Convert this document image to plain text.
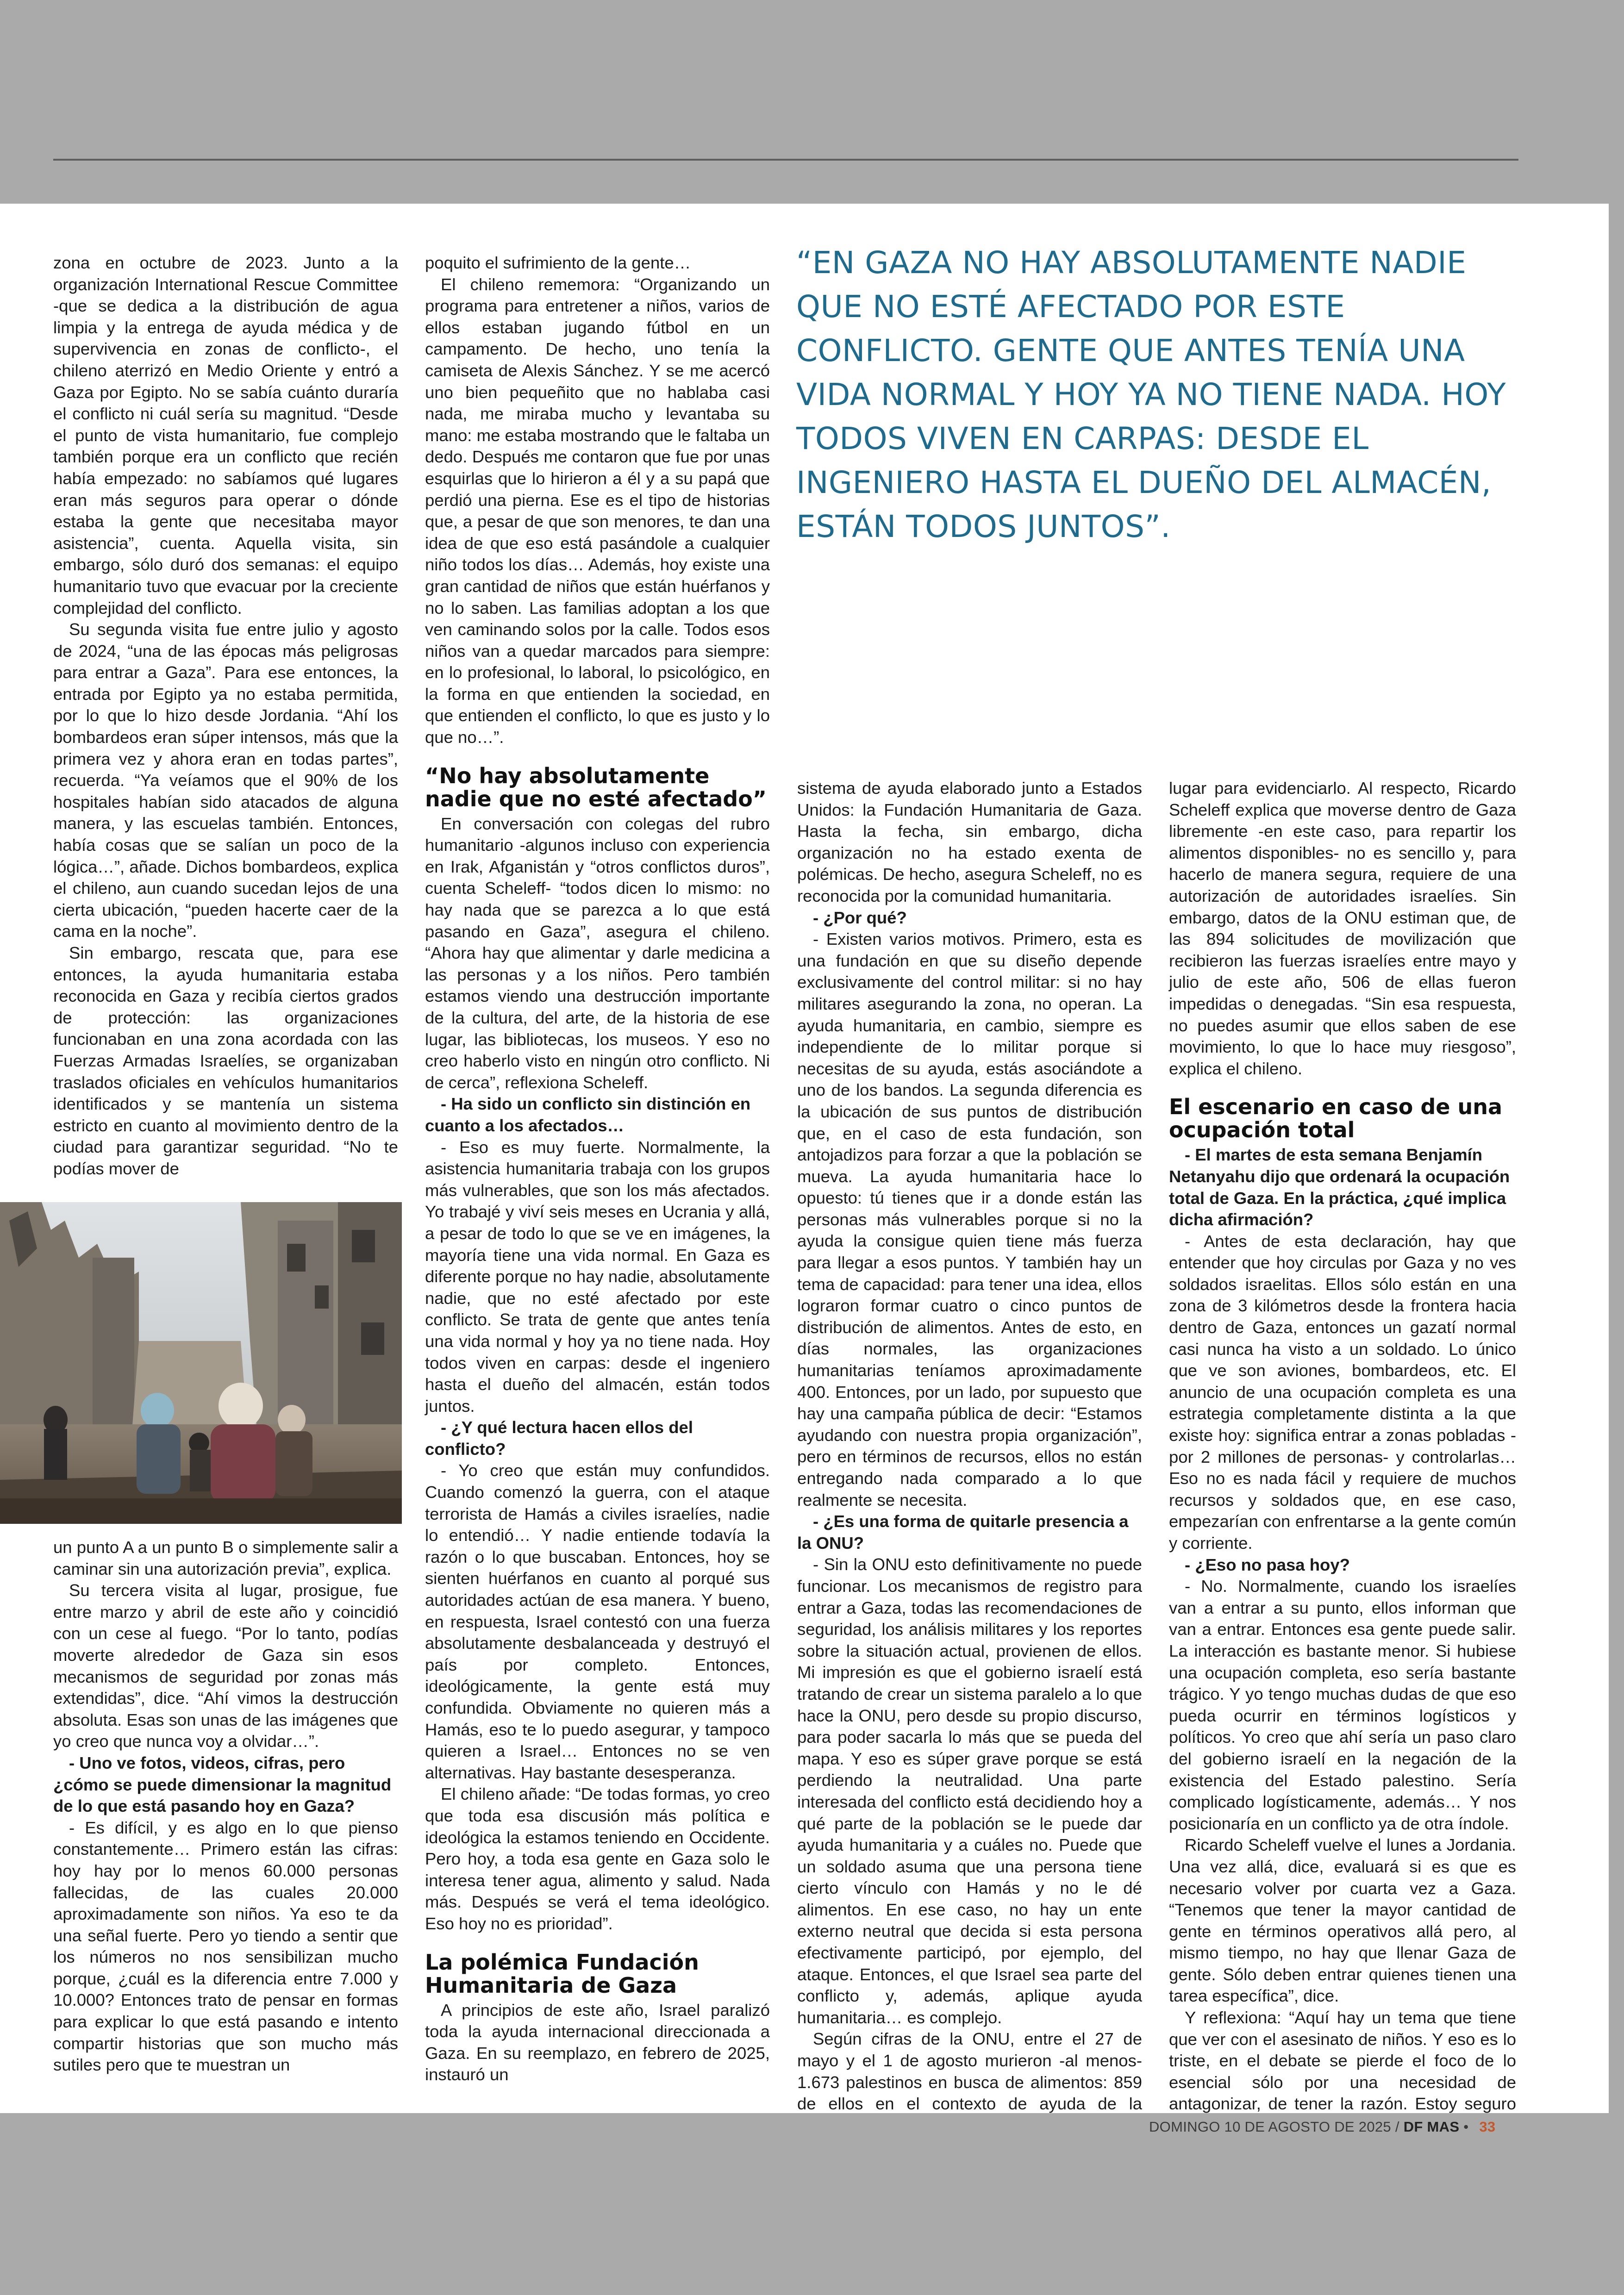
“EN GAZA NO HAY ABSOLUTAMENTE NADIE QUE NO ESTÉ AFECTADO POR ESTE CONFLICTO. GENTE QUE ANTES TENÍA UNA VIDA NORMAL Y HOY YA NO TIENE NADA. HOY TODOS VIVEN EN CARPAS: DESDE EL INGENIERO HASTA EL DUEÑO DEL ALMACÉN, ESTÁN TODOS JUNTOS”.

zona en octubre de 2023. Junto a la organización International Rescue Committee -que se dedica a la distribución de agua limpia y la entrega de ayuda médica y de supervivencia en zonas de conflicto-, el chileno aterrizó en Medio Oriente y entró a Gaza por Egipto. No se sabía cuánto duraría el conflicto ni cuál sería su magnitud. “Desde el punto de vista humanitario, fue complejo también porque era un conflicto que recién había empezado: no sabíamos qué lugares eran más seguros para operar o dónde estaba la gente que necesitaba mayor asistencia”, cuenta. Aquella visita, sin embargo, sólo duró dos semanas: el equipo humanitario tuvo que evacuar por la creciente complejidad del conflicto.

Su segunda visita fue entre julio y agosto de 2024, “una de las épocas más peligrosas para entrar a Gaza”. Para ese entonces, la entrada por Egipto ya no estaba permitida, por lo que lo hizo desde Jordania. “Ahí los bombardeos eran súper intensos, más que la primera vez y ahora eran en todas partes”, recuerda. “Ya veíamos que el 90% de los hospitales habían sido atacados de alguna manera, y las escuelas también. Entonces, había cosas que se salían un poco de la lógica…”, añade. Dichos bombardeos, explica el chileno, aun cuando sucedan lejos de una cierta ubicación, “pueden hacerte caer de la cama en la noche”.

Sin embargo, rescata que, para ese entonces, la ayuda humanitaria estaba reconocida en Gaza y recibía ciertos grados de protección: las organizaciones funcionaban en una zona acordada con las Fuerzas Armadas Israelíes, se organizaban traslados oficiales en vehículos humanitarios identificados y se mantenía un sistema estricto en cuanto al movimiento dentro de la ciudad para garantizar seguridad. “No te podías mover de

un punto A a un punto B o simplemente salir a caminar sin una autorización previa”, explica.

Su tercera visita al lugar, prosigue, fue entre marzo y abril de este año y coincidió con un cese al fuego. “Por lo tanto, podías moverte alrededor de Gaza sin esos mecanismos de seguridad por zonas más extendidas”, dice. “Ahí vimos la destrucción absoluta. Esas son unas de las imágenes que yo creo que nunca voy a olvidar…”.

- Uno ve fotos, videos, cifras, pero ¿cómo se puede dimensionar la magnitud de lo que está pasando hoy en Gaza?

- Es difícil, y es algo en lo que pienso constantemente… Primero están las cifras: hoy hay por lo menos 60.000 personas fallecidas, de las cuales 20.000 aproximadamente son niños. Ya eso te da una señal fuerte. Pero yo tiendo a sentir que los números no nos sensibilizan mucho porque, ¿cuál es la diferencia entre 7.000 y 10.000? Entonces trato de pensar en formas para explicar lo que está pasando e intento compartir historias que son mucho más sutiles pero que te muestran un

poquito el sufrimiento de la gente…

El chileno rememora: “Organizando un programa para entretener a niños, varios de ellos estaban jugando fútbol en un campamento. De hecho, uno tenía la camiseta de Alexis Sánchez. Y se me acercó uno bien pequeñito que no hablaba casi nada, me miraba mucho y levantaba su mano: me estaba mostrando que le faltaba un dedo. Después me contaron que fue por unas esquirlas que lo hirieron a él y a su papá que perdió una pierna. Ese es el tipo de historias que, a pesar de que son menores, te dan una idea de que eso está pasándole a cualquier niño todos los días… Además, hoy existe una gran cantidad de niños que están huérfanos y no lo saben. Las familias adoptan a los que ven caminando solos por la calle. Todos esos niños van a quedar marcados para siempre: en lo profesional, lo laboral, lo psicológico, en la forma en que entienden la sociedad, en que entienden el conflicto, lo que es justo y lo que no…”.

“No hay absolutamente nadie que no esté afectado”

En conversación con colegas del rubro humanitario -algunos incluso con experiencia en Irak, Afganistán y “otros conflictos duros”, cuenta Scheleff- “todos dicen lo mismo: no hay nada que se parezca a lo que está pasando en Gaza”, asegura el chileno. “Ahora hay que alimentar y darle medicina a las personas y a los niños. Pero también estamos viendo una destrucción importante de la cultura, del arte, de la historia de ese lugar, las bibliotecas, los museos. Y eso no creo haberlo visto en ningún otro conflicto. Ni de cerca”, reflexiona Scheleff.

- Ha sido un conflicto sin distinción en cuanto a los afectados…

- Eso es muy fuerte. Normalmente, la asistencia humanitaria trabaja con los grupos más vulnerables, que son los más afectados. Yo trabajé y viví seis meses en Ucrania y allá, a pesar de todo lo que se ve en imágenes, la mayoría tiene una vida normal. En Gaza es diferente porque no hay nadie, absolutamente nadie, que no esté afectado por este conflicto. Se trata de gente que antes tenía una vida normal y hoy ya no tiene nada. Hoy todos viven en carpas: desde el ingeniero hasta el dueño del almacén, están todos juntos.

- ¿Y qué lectura hacen ellos del conflicto?

- Yo creo que están muy confundidos. Cuando comenzó la guerra, con el ataque terrorista de Hamás a civiles israelíes, nadie lo entendió… Y nadie entiende todavía la razón o lo que buscaban. Entonces, hoy se sienten huérfanos en cuanto al porqué sus autoridades actúan de esa manera. Y bueno, en respuesta, Israel contestó con una fuerza absolutamente desbalanceada y destruyó el país por completo. Entonces, ideológicamente, la gente está muy confundida. Obviamente no quieren más a Hamás, eso te lo puedo asegurar, y tampoco quieren a Israel… Entonces no se ven alternativas. Hay bastante desesperanza.

El chileno añade: “De todas formas, yo creo que toda esa discusión más política e ideológica la estamos teniendo en Occidente. Pero hoy, a toda esa gente en Gaza solo le interesa tener agua, alimento y salud. Nada más. Después se verá el tema ideológico. Eso hoy no es prioridad”.

La polémica Fundación Humanitaria de Gaza

A principios de este año, Israel paralizó toda la ayuda internacional direccionada a Gaza. En su reemplazo, en febrero de 2025, instauró un

sistema de ayuda elaborado junto a Estados Unidos: la Fundación Humanitaria de Gaza. Hasta la fecha, sin embargo, dicha organización no ha estado exenta de polémicas. De hecho, asegura Scheleff, no es reconocida por la comunidad humanitaria.

- ¿Por qué?

- Existen varios motivos. Primero, esta es una fundación en que su diseño depende exclusivamente del control militar: si no hay militares asegurando la zona, no operan. La ayuda humanitaria, en cambio, siempre es independiente de lo militar porque si necesitas de su ayuda, estás asociándote a uno de los bandos. La segunda diferencia es la ubicación de sus puntos de distribución que, en el caso de esta fundación, son antojadizos para forzar a que la población se mueva. La ayuda humanitaria hace lo opuesto: tú tienes que ir a donde están las personas más vulnerables porque si no la ayuda la consigue quien tiene más fuerza para llegar a esos puntos. Y también hay un tema de capacidad: para tener una idea, ellos lograron formar cuatro o cinco puntos de distribución de alimentos. Antes de esto, en días normales, las organizaciones humanitarias teníamos aproximadamente 400. Entonces, por un lado, por supuesto que hay una campaña pública de decir: “Estamos ayudando con nuestra propia organización”, pero en términos de recursos, ellos no están entregando nada comparado a lo que realmente se necesita.

- ¿Es una forma de quitarle presencia a la ONU?

- Sin la ONU esto definitivamente no puede funcionar. Los mecanismos de registro para entrar a Gaza, todas las recomendaciones de seguridad, los análisis militares y los reportes sobre la situación actual, provienen de ellos. Mi impresión es que el gobierno israelí está tratando de crear un sistema paralelo a lo que hace la ONU, pero desde su propio discurso, para poder sacarla lo más que se pueda del mapa. Y eso es súper grave porque se está perdiendo la neutralidad. Una parte interesada del conflicto está decidiendo hoy a qué parte de la población se le puede dar ayuda humanitaria y a cuáles no. Puede que un soldado asuma que una persona tiene cierto vínculo con Hamás y no le dé alimentos. En ese caso, no hay un ente externo neutral que decida si esta persona efectivamente participó, por ejemplo, del ataque. Entonces, el que Israel sea parte del conflicto y, además, aplique ayuda humanitaria… es complejo.

Según cifras de la ONU, entre el 27 de mayo y el 1 de agosto murieron -al menos- 1.673 palestinos en busca de alimentos: 859 de ellos en el contexto de ayuda de la

lugar para evidenciarlo. Al respecto, Ricardo Scheleff explica que moverse dentro de Gaza libremente -en este caso, para repartir los alimentos disponibles- no es sencillo y, para hacerlo de manera segura, requiere de una autorización de autoridades israelíes. Sin embargo, datos de la ONU estiman que, de las 894 solicitudes de movilización que recibieron las fuerzas israelíes entre mayo y julio de este año, 506 de ellas fueron impedidas o denegadas. “Sin esa respuesta, no puedes asumir que ellos saben de ese movimiento, lo que lo hace muy riesgoso”, explica el chileno.

El escenario en caso de una ocupación total

- El martes de esta semana Benjamín Netanyahu dijo que ordenará la ocupación total de Gaza. En la práctica, ¿qué implica dicha afirmación?

- Antes de esta declaración, hay que entender que hoy circulas por Gaza y no ves soldados israelitas. Ellos sólo están en una zona de 3 kilómetros desde la frontera hacia dentro de Gaza, entonces un gazatí normal casi nunca ha visto a un soldado. Lo único que ve son aviones, bombardeos, etc. El anuncio de una ocupación completa es una estrategia completamente distinta a la que existe hoy: significa entrar a zonas pobladas -por 2 millones de personas- y controlarlas… Eso no es nada fácil y requiere de muchos recursos y soldados que, en ese caso, empezarían con enfrentarse a la gente común y corriente.

- ¿Eso no pasa hoy?

- No. Normalmente, cuando los israelíes van a entrar a su punto, ellos informan que van a entrar. Entonces esa gente puede salir. La interacción es bastante menor. Si hubiese una ocupación completa, eso sería bastante trágico. Y yo tengo muchas dudas de que eso pueda ocurrir en términos logísticos y políticos. Yo creo que ahí sería un paso claro del gobierno israelí en la negación de la existencia del Estado palestino. Sería complicado logísticamente, además… Y nos posicionaría en un conflicto ya de otra índole.

Ricardo Scheleff vuelve el lunes a Jordania. Una vez allá, dice, evaluará si es que es necesario volver por cuarta vez a Gaza. “Tenemos que tener la mayor cantidad de gente en términos operativos allá pero, al mismo tiempo, no hay que llenar Gaza de gente. Sólo deben entrar quienes tienen una tarea específica”, dice.

Y reflexiona: “Aquí hay un tema que tiene que ver con el asesinato de niños. Y eso es lo triste, en el debate se pierde el foco de lo esencial sólo por una necesidad de antagonizar, de tener la razón. Estoy seguro

DOMINGO 10 DE AGOSTO DE 2025 / DF MAS • 33
